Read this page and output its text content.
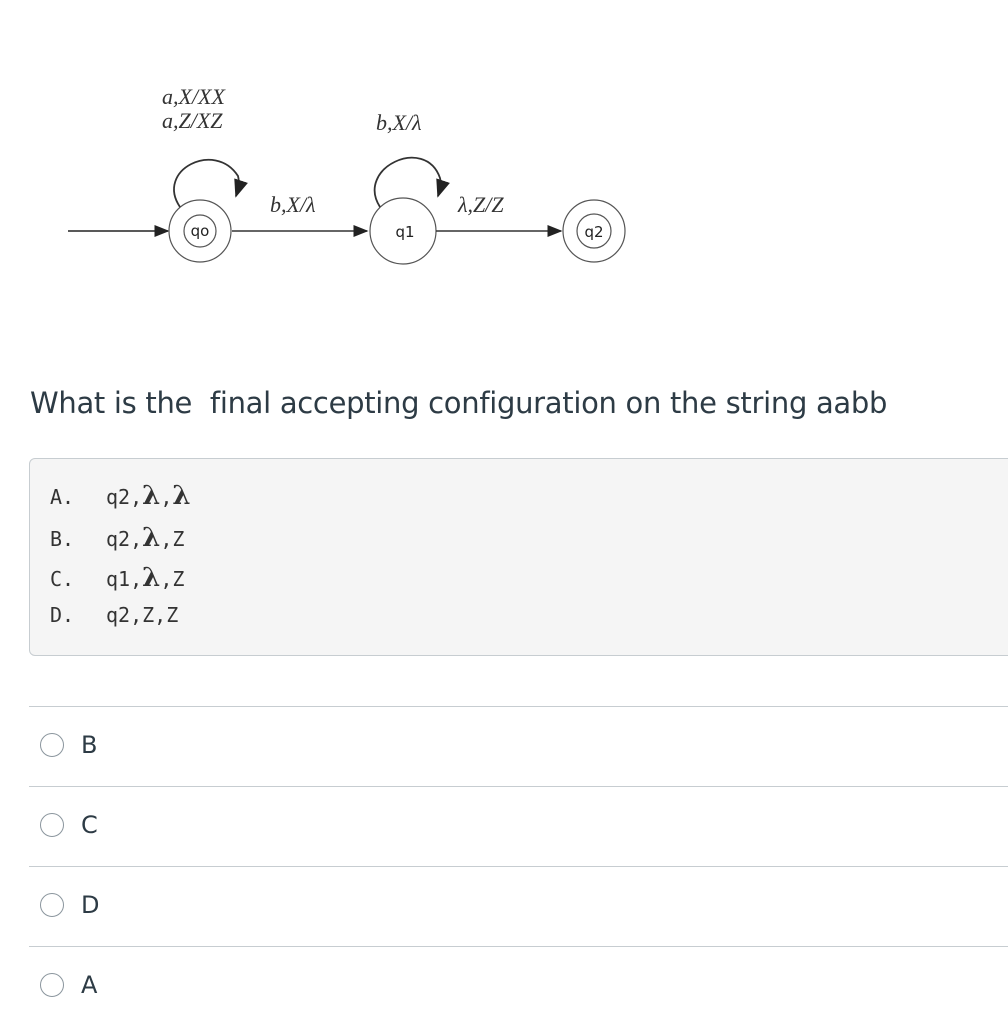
qo
a,X/XX
a,Z/XZ
b,X/λ
q1
b,X/λ
λ,Z/Z
q2
What is the  final accepting configuration on the string aabb
A. q2,λ,λ
B. q2,λ,Z
C. q1,λ,Z
D. q2,Z,Z
B
C
D
A
